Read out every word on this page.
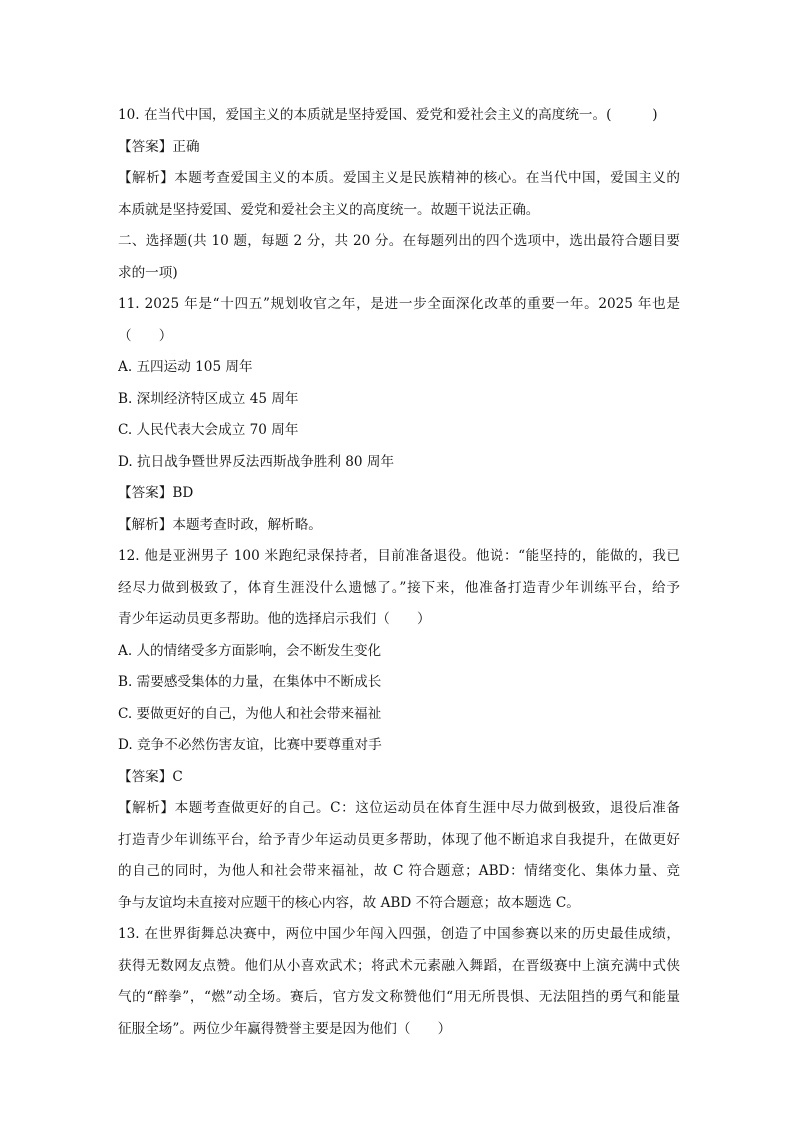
10. 在当代中国，爱国主义的本质就是坚持爱国、爱党和爱社会主义的高度统一。(　　　)
【答案】正确
【解析】本题考查爱国主义的本质。爱国主义是民族精神的核心。在当代中国，爱国主义的
本质就是坚持爱国、爱党和爱社会主义的高度统一。故题干说法正确。
二、选择题(共 10 题，每题 2 分，共 20 分。在每题列出的四个选项中，选出最符合题目要
求的一项)
11. 2025 年是“十四五”规划收官之年，是进一步全面深化改革的重要一年。2025 年也是
（　　）
A. 五四运动 105 周年
B. 深圳经济特区成立 45 周年
C. 人民代表大会成立 70 周年
D. 抗日战争暨世界反法西斯战争胜利 80 周年
【答案】BD
【解析】本题考查时政，解析略。
12. 他是亚洲男子 100 米跑纪录保持者，目前准备退役。他说：“能坚持的，能做的，我已
经尽力做到极致了，体育生涯没什么遗憾了。”接下来，他准备打造青少年训练平台，给予
青少年运动员更多帮助。他的选择启示我们（　　）
A. 人的情绪受多方面影响，会不断发生变化
B. 需要感受集体的力量，在集体中不断成长
C. 要做更好的自己，为他人和社会带来福祉
D. 竞争不必然伤害友谊，比赛中要尊重对手
【答案】C
【解析】本题考查做更好的自己。C：这位运动员在体育生涯中尽力做到极致，退役后准备
打造青少年训练平台，给予青少年运动员更多帮助，体现了他不断追求自我提升，在做更好
的自己的同时，为他人和社会带来福祉，故 C 符合题意；ABD：情绪变化、集体力量、竞
争与友谊均未直接对应题干的核心内容，故 ABD 不符合题意；故本题选 C。
13. 在世界街舞总决赛中，两位中国少年闯入四强，创造了中国参赛以来的历史最佳成绩，
获得无数网友点赞。他们从小喜欢武术；将武术元素融入舞蹈，在晋级赛中上演充满中式侠
气的“醉拳”，“燃”动全场。赛后，官方发文称赞他们“用无所畏惧、无法阻挡的勇气和能量
征服全场”。两位少年赢得赞誉主要是因为他们（　　）
